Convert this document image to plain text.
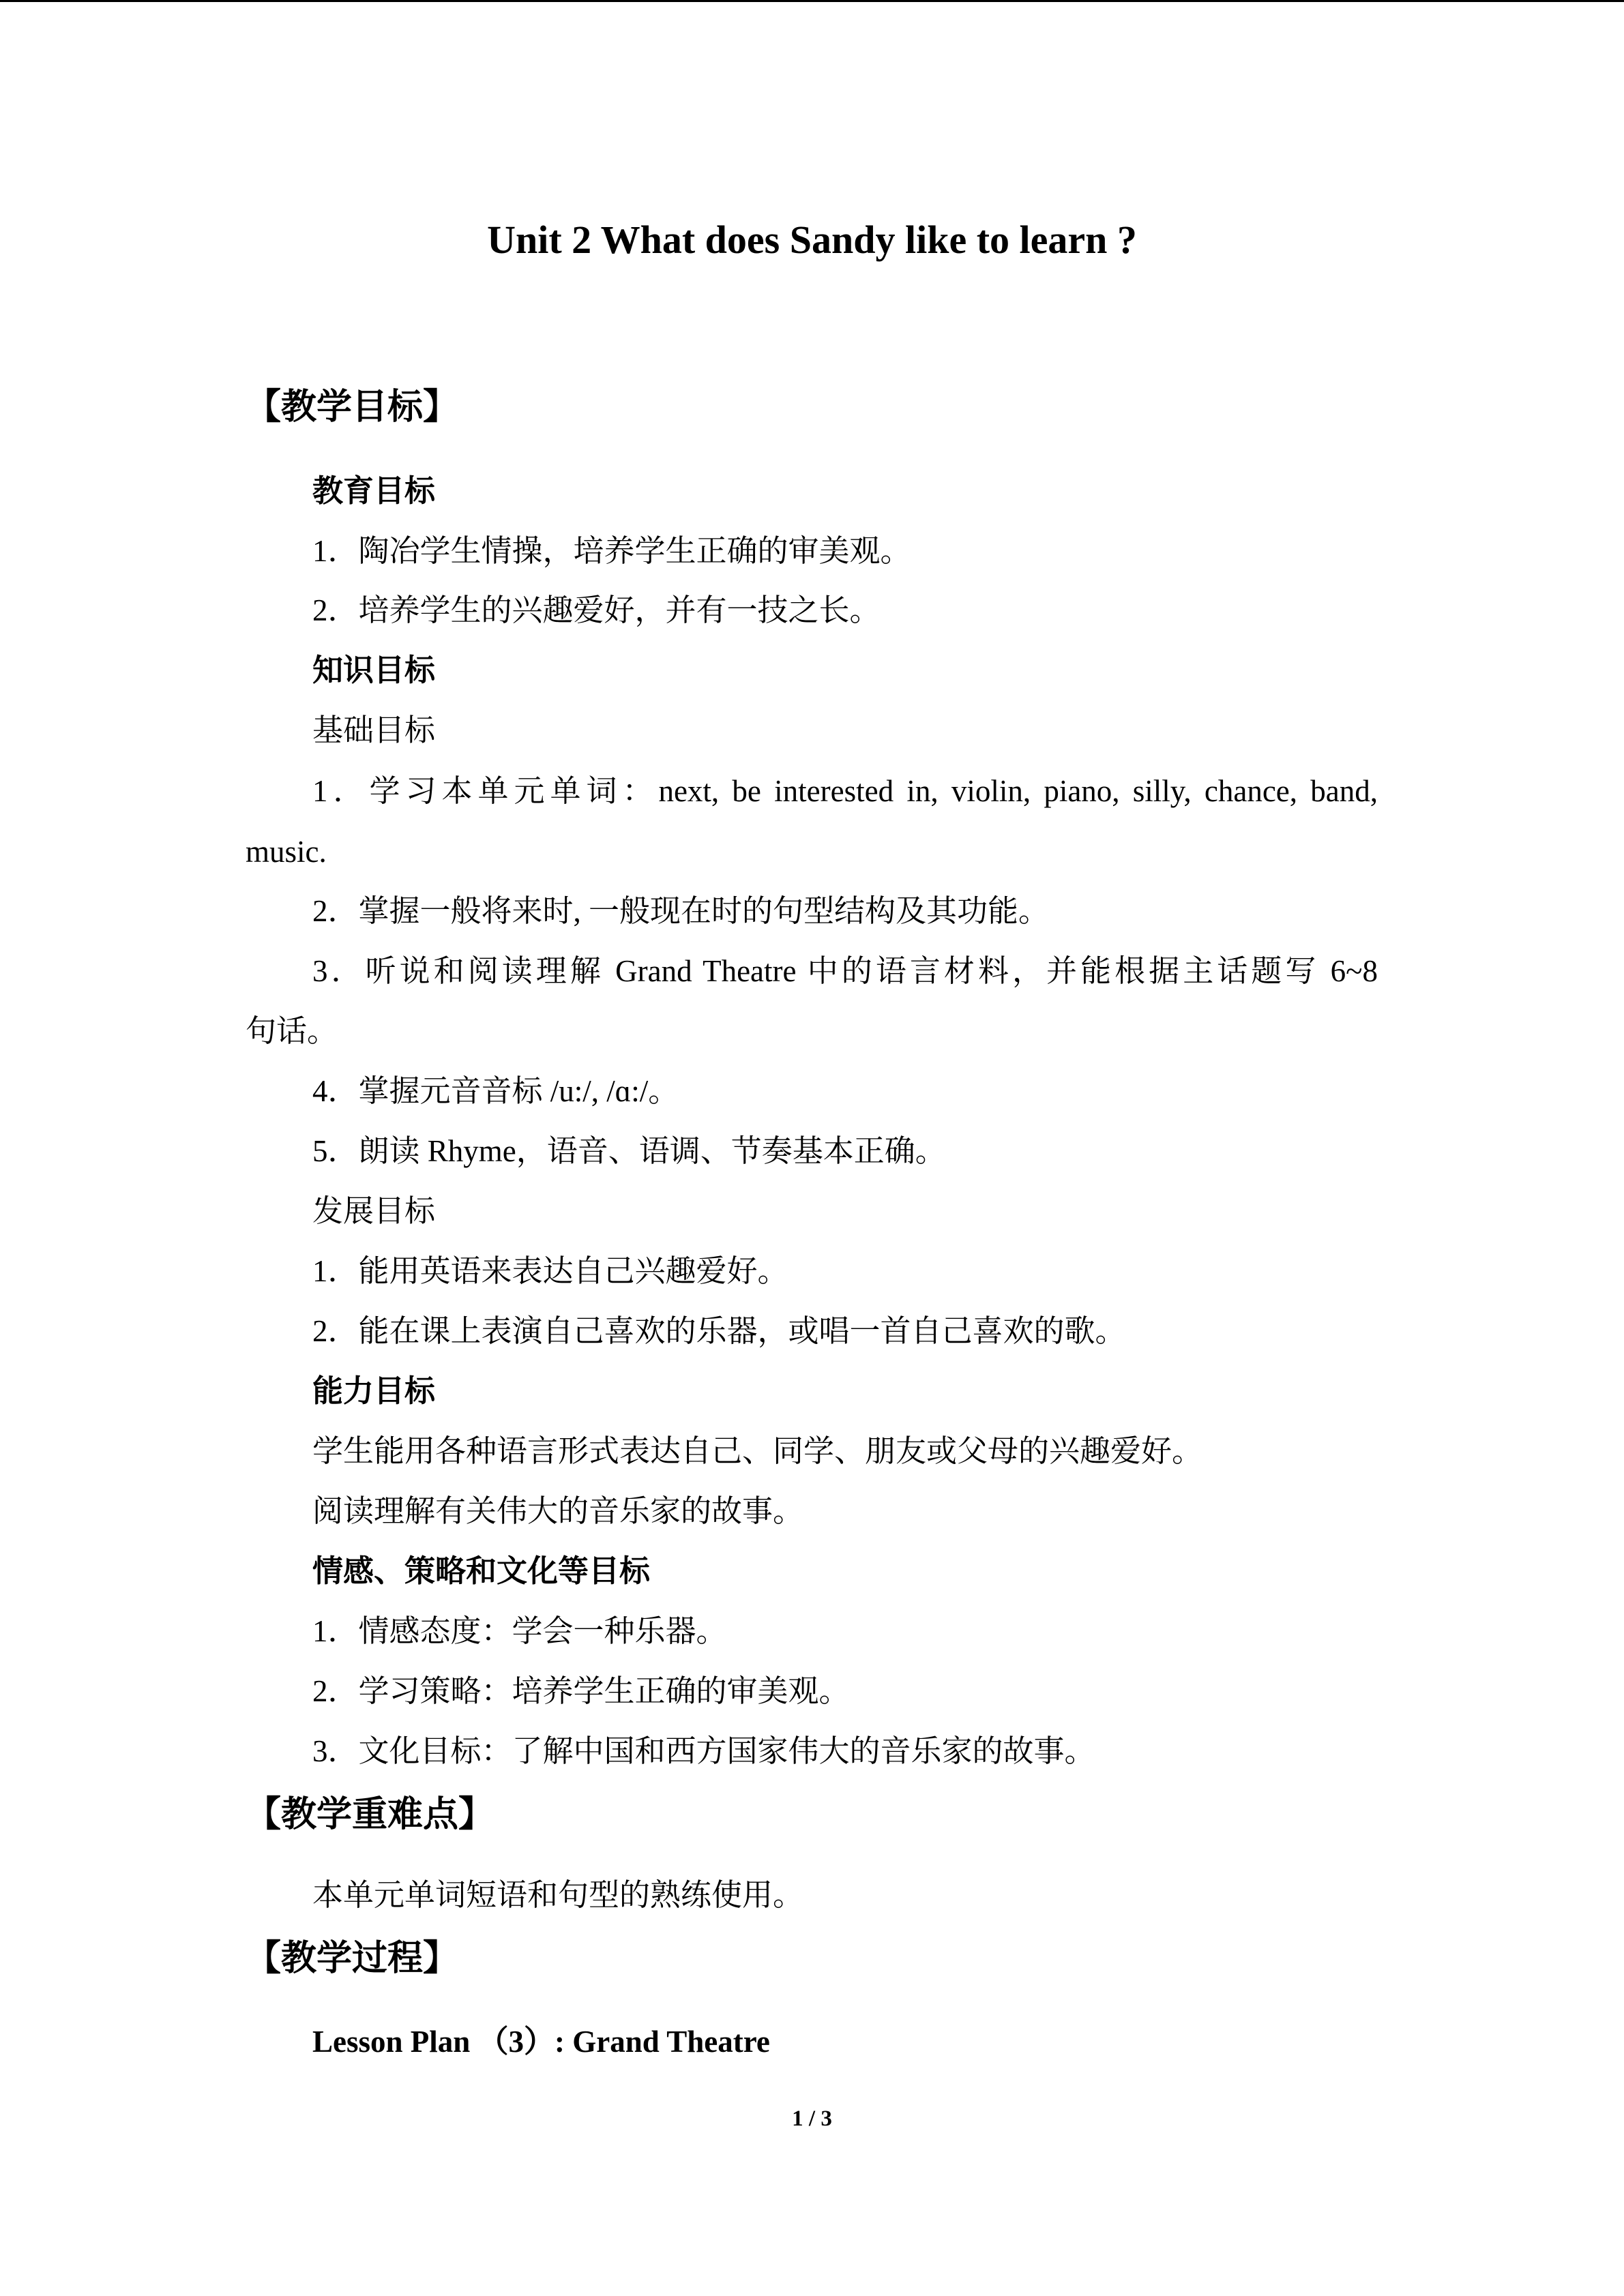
Unit 2 What does Sandy like to learn ?
【教学目标】
教育目标
1．陶冶学生情操，培养学生正确的审美观。
2．培养学生的兴趣爱好，并有一技之长。
知识目标
基础目标
1．学习本单元单词：next, be interested in, violin, piano, silly, chance, band,
music.
2．掌握一般将来时, 一般现在时的句型结构及其功能。
3．听说和阅读理解 Grand Theatre 中的语言材料，并能根据主话题写 6~8
句话。
4．掌握元音音标 /u:/, /ɑ:/。
5．朗读 Rhyme，语音、语调、节奏基本正确。
发展目标
1．能用英语来表达自己兴趣爱好。
2．能在课上表演自己喜欢的乐器，或唱一首自己喜欢的歌。
能力目标
学生能用各种语言形式表达自己、同学、朋友或父母的兴趣爱好。
阅读理解有关伟大的音乐家的故事。
情感、策略和文化等目标
1．情感态度：学会一种乐器。
2．学习策略：培养学生正确的审美观。
3．文化目标：了解中国和西方国家伟大的音乐家的故事。
【教学重难点】
本单元单词短语和句型的熟练使用。
【教学过程】
Lesson Plan （3）: Grand Theatre
1 / 3
